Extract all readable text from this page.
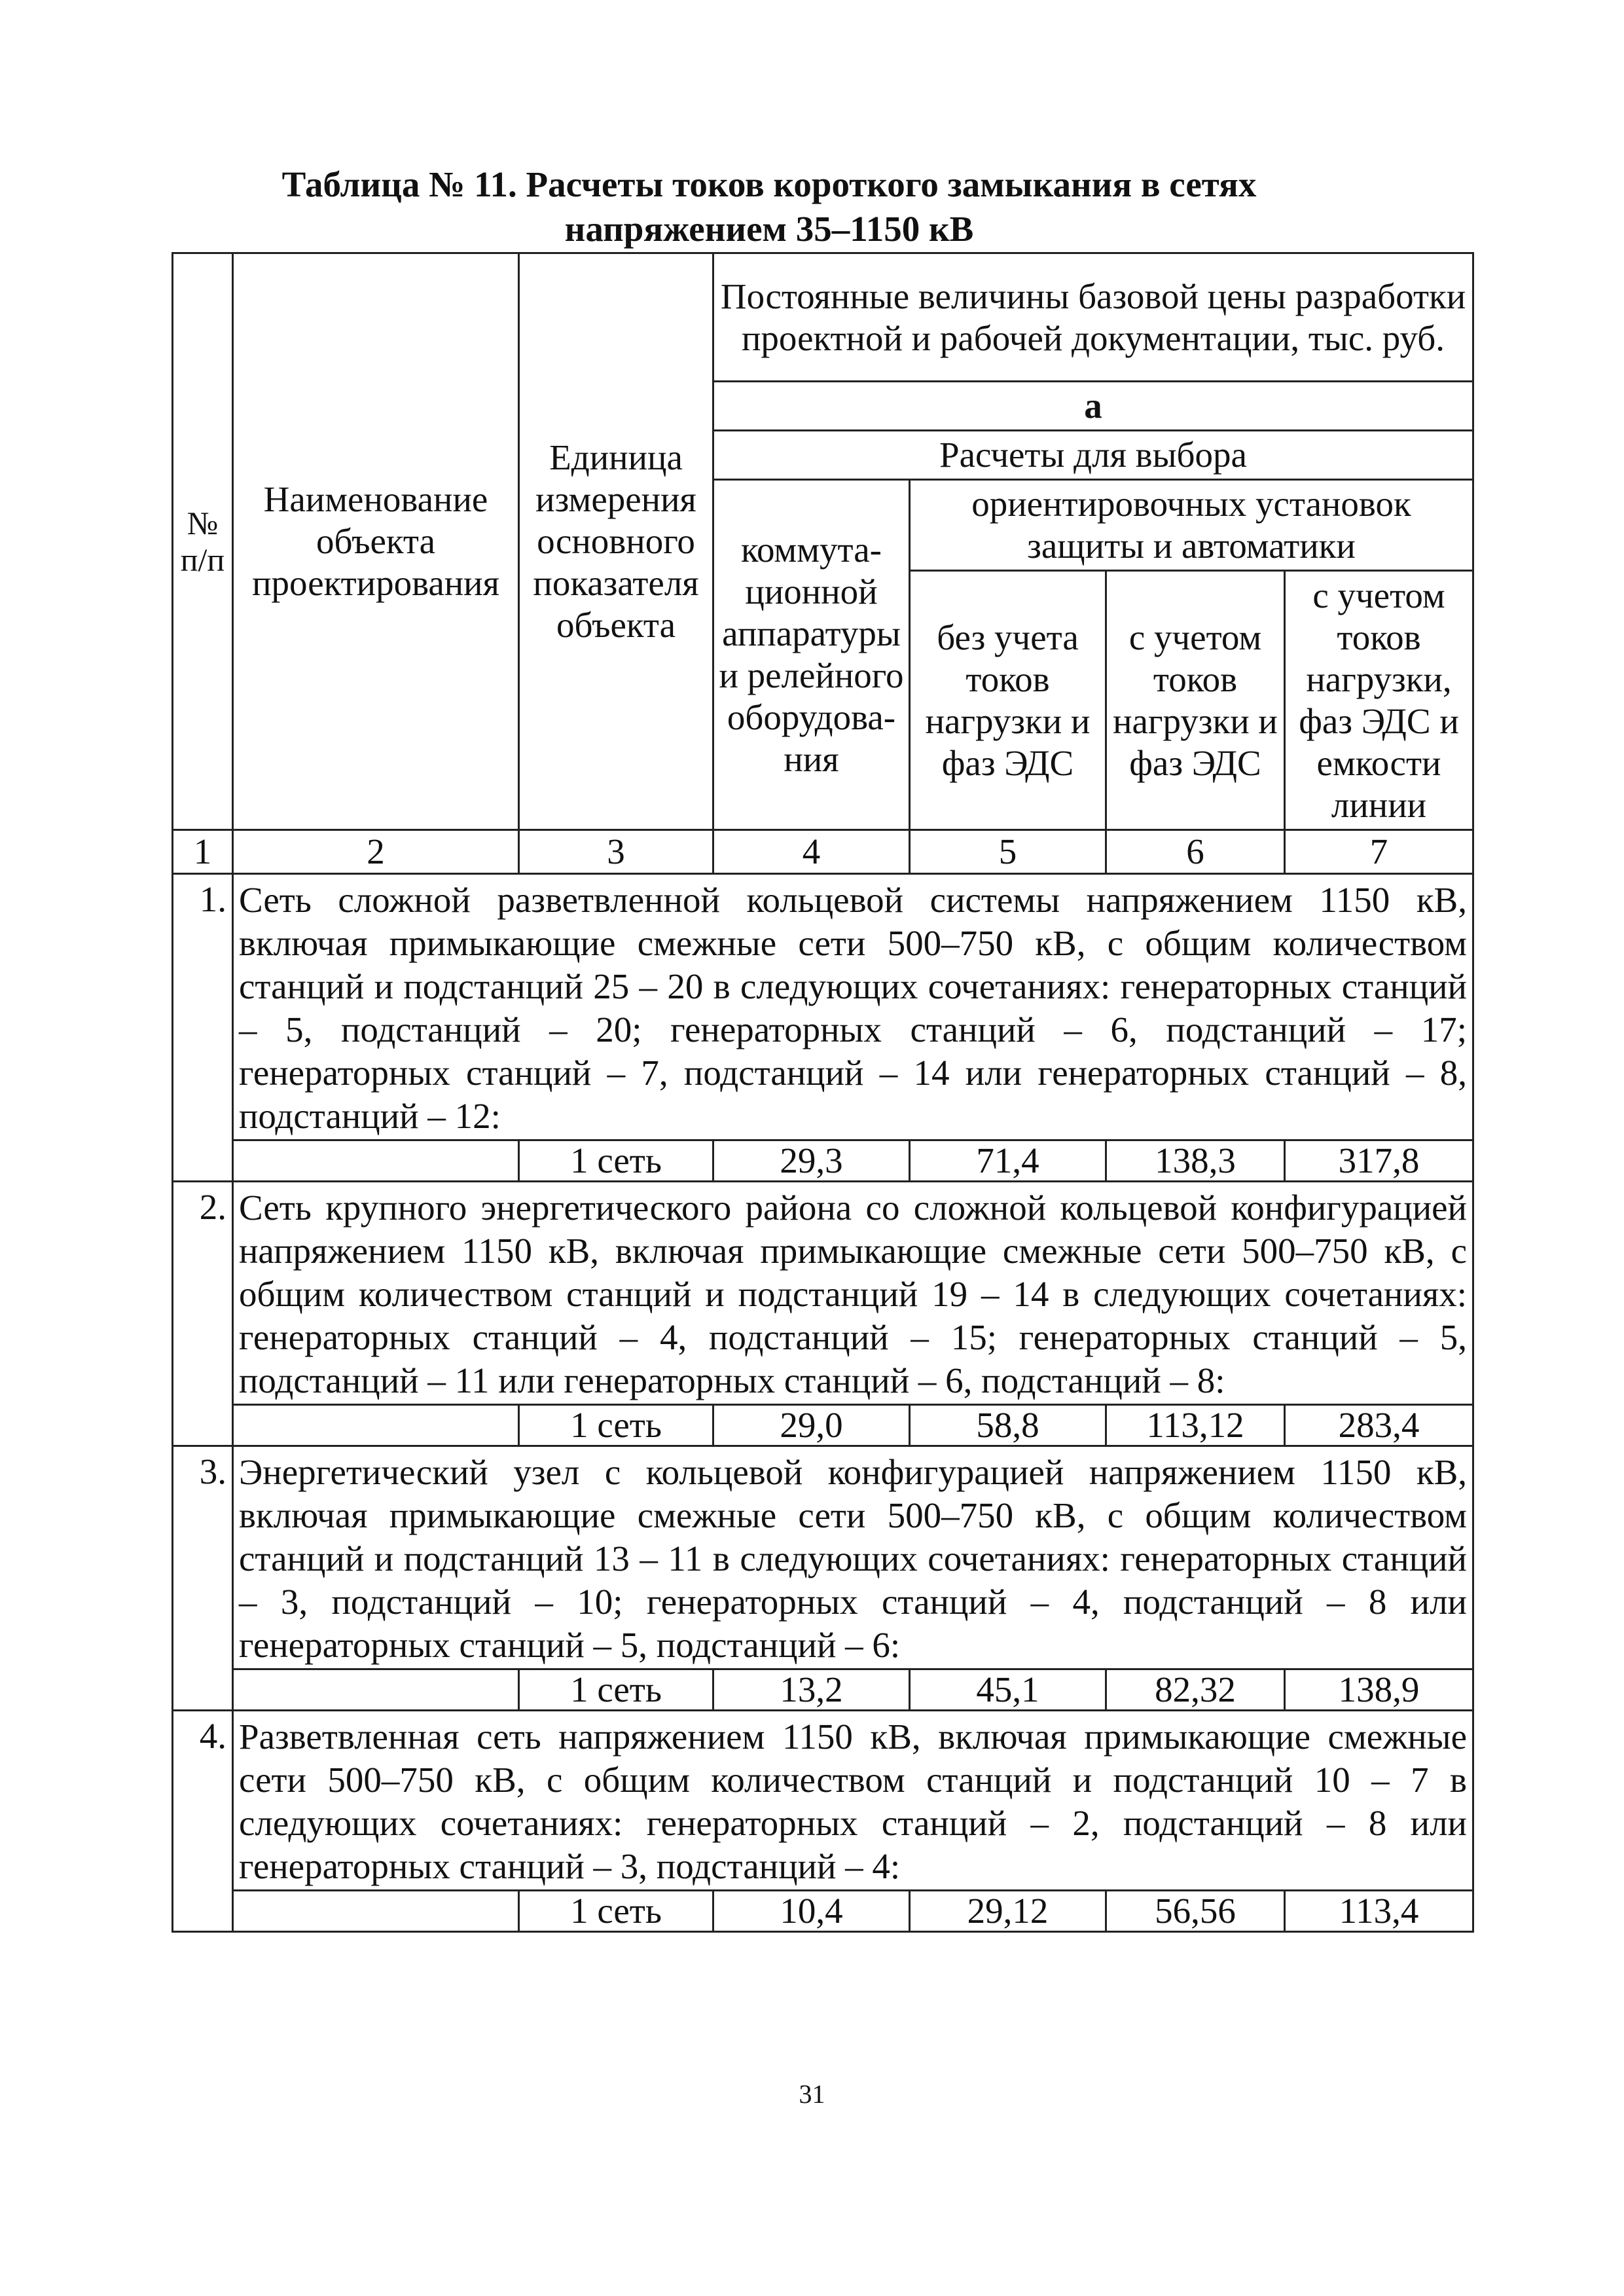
Таблица № 11. Расчеты токов короткого замыкания в сетях
напряжением 35–1150 кВ
№ п/п	Наименование объекта проектирования	Единица измерения основного показателя объекта	Постоянные величины базовой цены разработки проектной и рабочей документации, тыс. руб.			
			а			
			Расчеты для выбора			
			коммута-ционной аппаратуры и релейного оборудова-ния	ориентировочных установок защиты и автоматики		
				без учета токов нагрузки и фаз ЭДС	с учетом токов нагрузки и фаз ЭДС	с учетом токов нагрузки, фаз ЭДС и емкости линии
1	2	3	4	5	6	7
1.	Сеть сложной разветвленной кольцевой системы напряжением 1150 кВ, включая примыкающие смежные сети 500–750 кВ, с общим количеством станций и подстанций 25 – 20 в следующих сочетаниях: генераторных станций – 5, подстанций – 20; генераторных станций – 6, подстанций – 17; генераторных станций – 7, подстанций – 14 или генераторных станций – 8, подстанций – 12:					
		1 сеть	29,3	71,4	138,3	317,8
2.	Сеть крупного энергетического района со сложной кольцевой конфигурацией напряжением 1150 кВ, включая примыкающие смежные сети 500–750 кВ, с общим количеством станций и подстанций 19 – 14 в следующих сочетаниях: генераторных станций – 4, подстанций – 15; генераторных станций – 5, подстанций – 11 или генераторных станций – 6, подстанций – 8:					
		1 сеть	29,0	58,8	113,12	283,4
3.	Энергетический узел с кольцевой конфигурацией напряжением 1150 кВ, включая примыкающие смежные сети 500–750 кВ, с общим количеством станций и подстанций 13 – 11 в следующих сочетаниях: генераторных станций – 3, подстанций – 10; генераторных станций – 4, подстанций – 8 или генераторных станций – 5, подстанций – 6:					
		1 сеть	13,2	45,1	82,32	138,9
4.	Разветвленная сеть напряжением 1150 кВ, включая примыкающие смежные сети 500–750 кВ, с общим количеством станций и подстанций 10 – 7 в следующих сочетаниях: генераторных станций – 2, подстанций – 8 или генераторных станций – 3, подстанций – 4:					
		1 сеть	10,4	29,12	56,56	113,4
31
